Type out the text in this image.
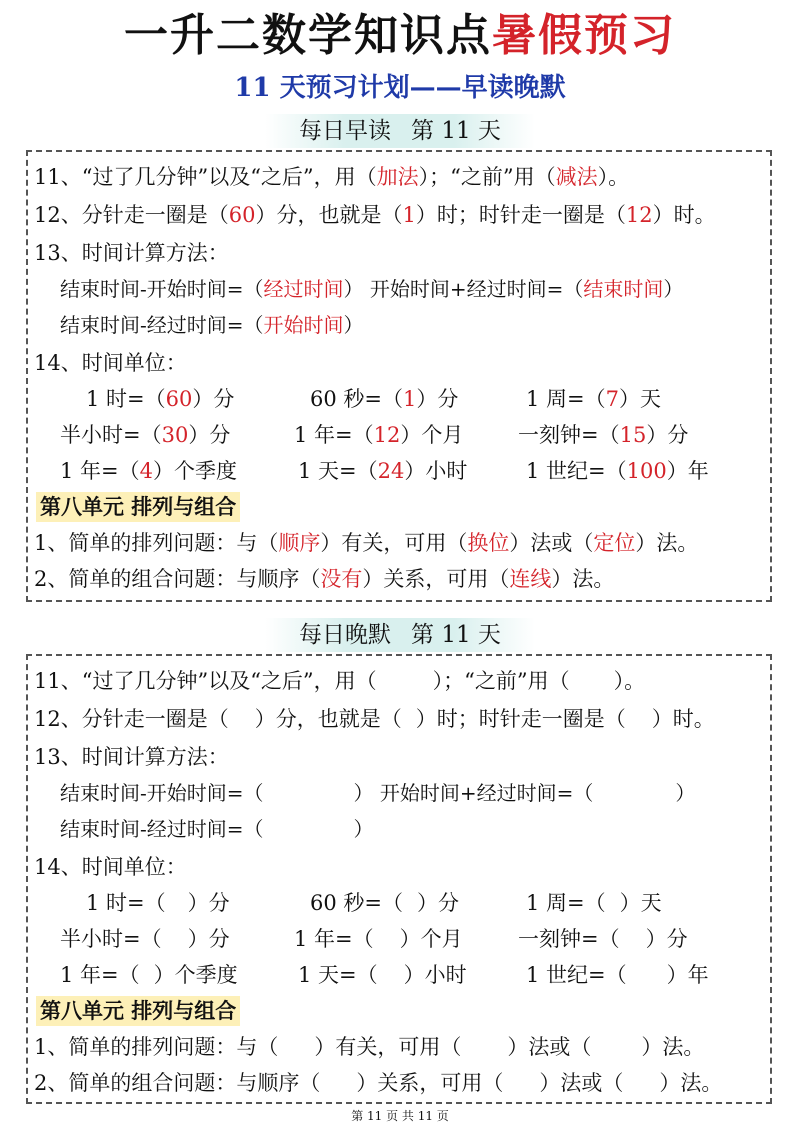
一升二数学知识点暑假预习
11 天预习计划——早读晚默
每日早读 第 11 天
11、“过了几分钟”以及“之后”，用（加法）；“之前”用（减法）。
12、分针走一圈是（60）分，也就是（1）时；时针走一圈是（12）时。
13、时间计算方法：
结束时间-开始时间=（经过时间） 开始时间+经过时间=（结束时间）
结束时间-经过时间=（开始时间）
14、时间单位：
1 时=（60）分	60 秒=（1）分	1 周=（7）天
半小时=（30）分	1 年=（12）个月	一刻钟=（15）分
1 年=（4）个季度	1 天=（24）小时	1 世纪=（100）年
第八单元 排列与组合
1、简单的排列问题：与（顺序）有关，可用（换位）法或（定位）法。
2、简单的组合问题：与顺序（没有）关系，可用（连线）法。
每日晚默 第 11 天
11、“过了几分钟”以及“之后”，用（	）；“之前”用（ ）。
12、分针走一圈是（ ）分，也就是（ ）时；时针走一圈是（ ）时。
13、时间计算方法：
结束时间-开始时间=（	） 开始时间+经过时间=（	）
结束时间-经过时间=（	）
14、时间单位：
1 时=（ ）分	60 秒=（ ）分	1 周=（ ）天
半小时=（ ）分	1 年=（ ）个月	一刻钟=（ ）分
1 年=（ ）个季度	1 天=（ ）小时	1 世纪=（ ）年
第八单元 排列与组合
1、简单的排列问题：与（ ）有关，可用（ ）法或（ ）法。
2、简单的组合问题：与顺序（ ）关系，可用（ ）法或（ ）法。
第 11 页 共 11 页
